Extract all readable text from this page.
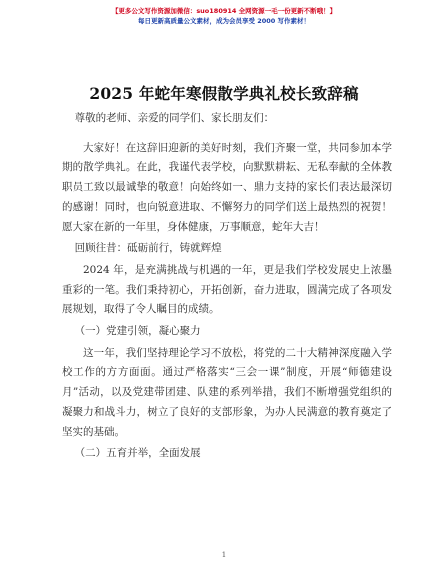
【更多公文写作资源加微信：suo180914 全网资源一毛一份更新不断哦！】
每日更新高质量公文素材，成为会员享受 2000 写作素材！
2025 年蛇年寒假散学典礼校长致辞稿

尊敬的老师、亲爱的同学们、家长朋友们：

大家好！在这辞旧迎新的美好时刻，我们齐聚一堂，共同参加本学期的散学典礼。在此，我谨代表学校，向默默耕耘、无私奉献的全体教职员工致以最诚挚的敬意！向始终如一、鼎力支持的家长们表达最深切的感谢！同时，也向锐意进取、不懈努力的同学们送上最热烈的祝贺！愿大家在新的一年里，身体健康，万事顺意，蛇年大吉！

回顾往昔：砥砺前行，铸就辉煌

2024 年，是充满挑战与机遇的一年，更是我们学校发展史上浓墨重彩的一笔。我们秉持初心，开拓创新，奋力进取，圆满完成了各项发展规划，取得了令人瞩目的成绩。

（一）党建引领，凝心聚力

这一年，我们坚持理论学习不放松，将党的二十大精神深度融入学校工作的方方面面。通过严格落实“三会一课”制度，开展“师德建设月”活动，以及党建带团建、队建的系列举措，我们不断增强党组织的凝聚力和战斗力，树立了良好的支部形象，为办人民满意的教育奠定了坚实的基础。

（二）五育并举，全面发展

1
